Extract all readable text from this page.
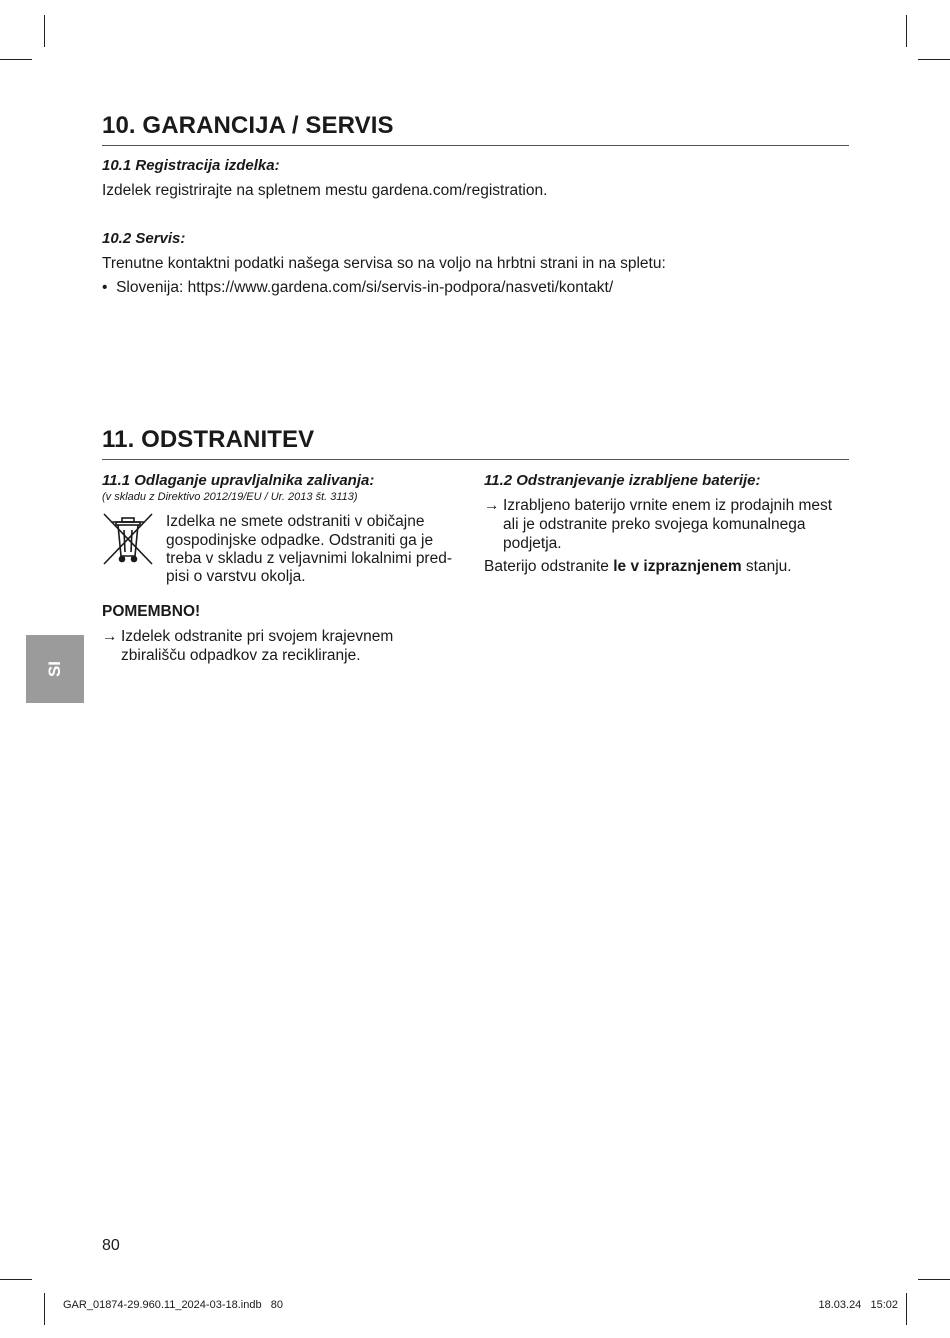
10. GARANCIJA / SERVIS
10.1 Registracija izdelka:
Izdelek registrirajte na spletnem mestu gardena.com/registration.
10.2 Servis:
Trenutne kontaktni podatki našega servisa so na voljo na hrbtni strani in na spletu:
• Slovenija: https://www.gardena.com/si/servis-in-podpora/nasveti/kontakt/
11. ODSTRANITEV
11.1 Odlaganje upravljalnika zalivanja:
(v skladu z Direktivo 2012/19/EU / Ur. 2013 št. 3113)
Izdelka ne smete odstraniti v običajne
gospodinjske odpadke. Odstraniti ga je
treba v skladu z veljavnimi lokalnimi pred-
pisi o varstvu okolja.
POMEMBNO!
→ Izdelek odstranite pri svojem krajevnem
zbirališču odpadkov za recikliranje.
11.2 Odstranjevanje izrabljene baterije:
→ Izrabljeno baterijo vrnite enem iz prodajnih mest
ali je odstranite preko svojega komunalnega
podjetja.
Baterijo odstranite le v izpraznjenem stanju.
80
SI
GAR_01874-29.960.11_2024-03-18.indb   80	18.03.24   15:02
